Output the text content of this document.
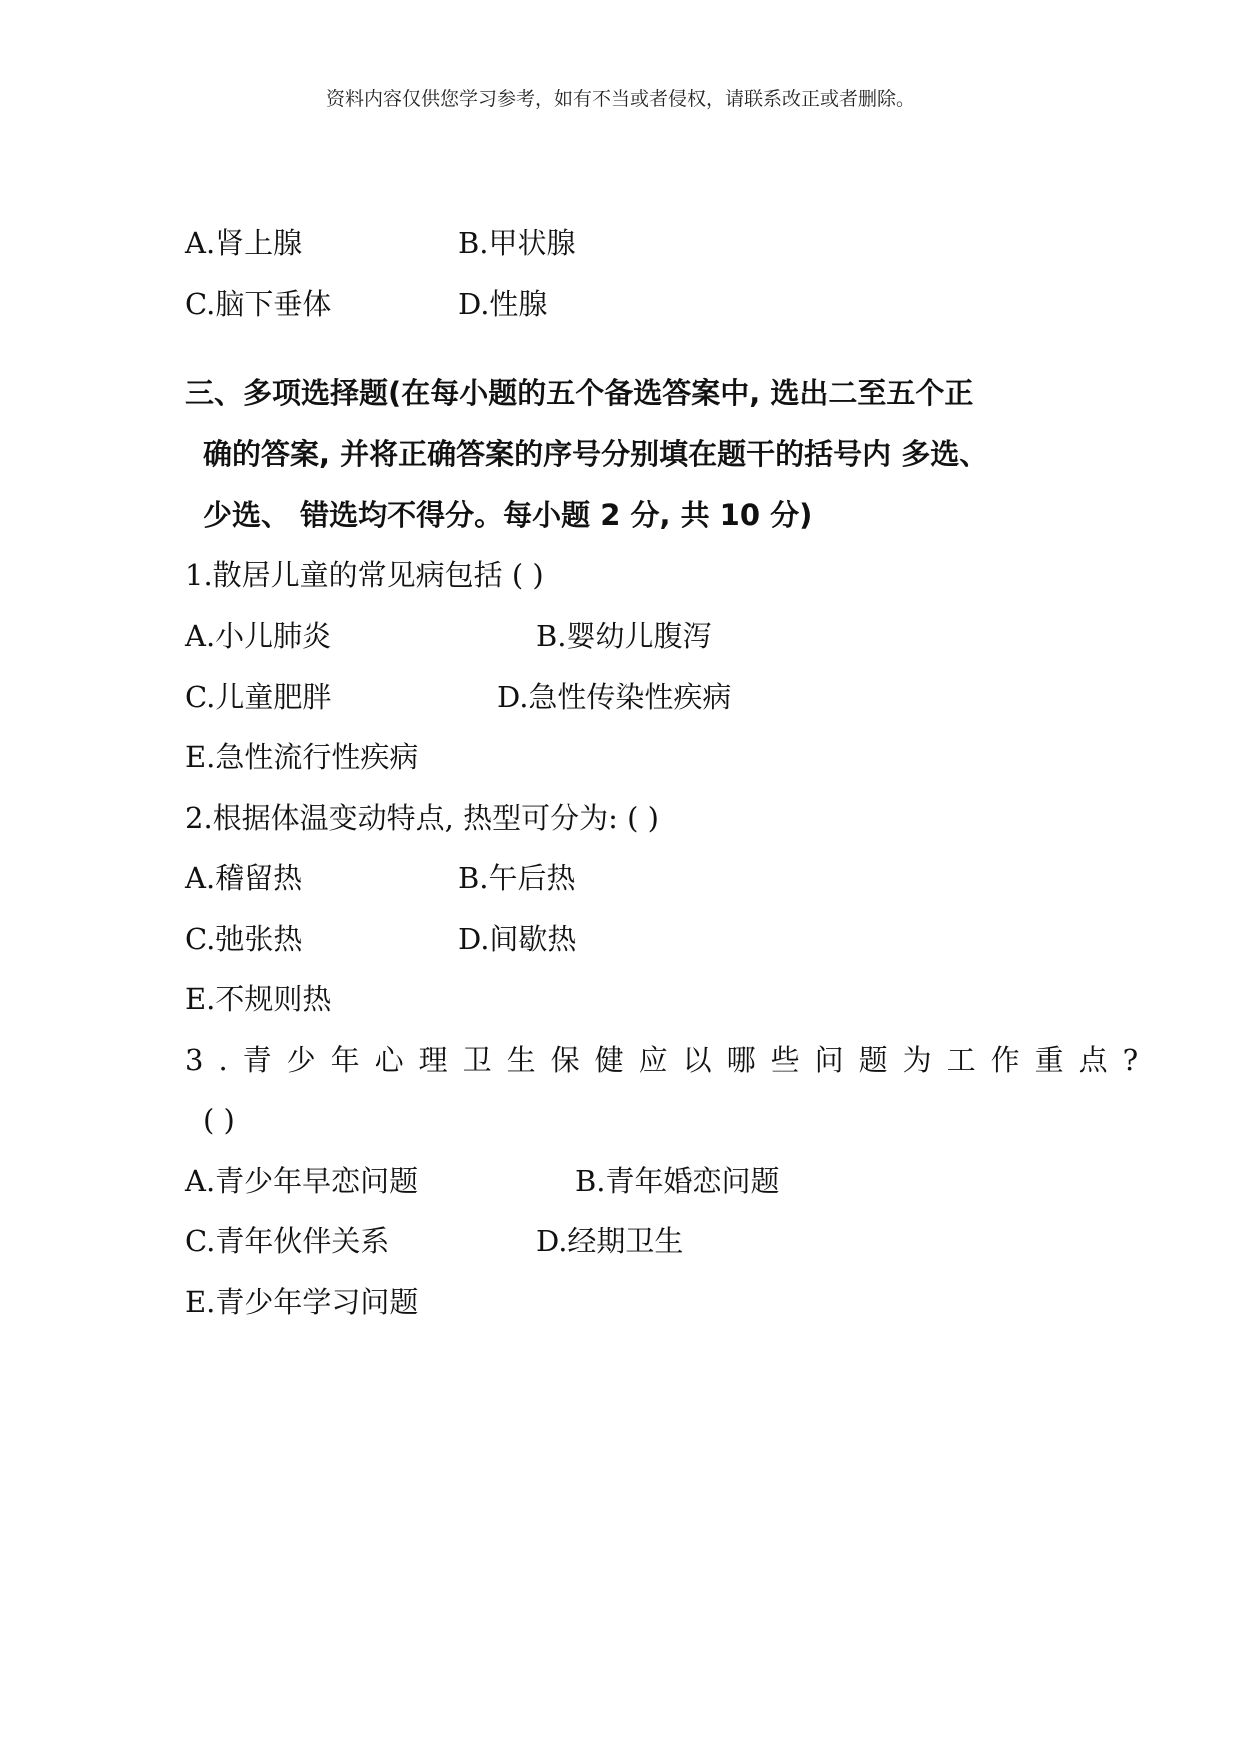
资料内容仅供您学习参考，如有不当或者侵权，请联系改正或者删除。
A.肾上腺	B.甲状腺
C.脑下垂体	D.性腺
三、多项选择题(在每小题的五个备选答案中, 选出二至五个正
确的答案, 并将正确答案的序号分别填在题干的括号内 多选、
少选、 错选均不得分。每小题 2 分, 共 10 分)
1.散居儿童的常见病包括 ( )
A.小儿肺炎	B.婴幼儿腹泻
C.儿童肥胖	D.急性传染性疾病
E.急性流行性疾病
2.根据体温变动特点, 热型可分为: ( )
A.稽留热	B.午后热
C.弛张热	D.间歇热
E.不规则热
3.青少年心理卫生保健应以哪些问题为工作重点?
( )
A.青少年早恋问题	B.青年婚恋问题
C.青年伙伴关系	D.经期卫生
E.青少年学习问题
